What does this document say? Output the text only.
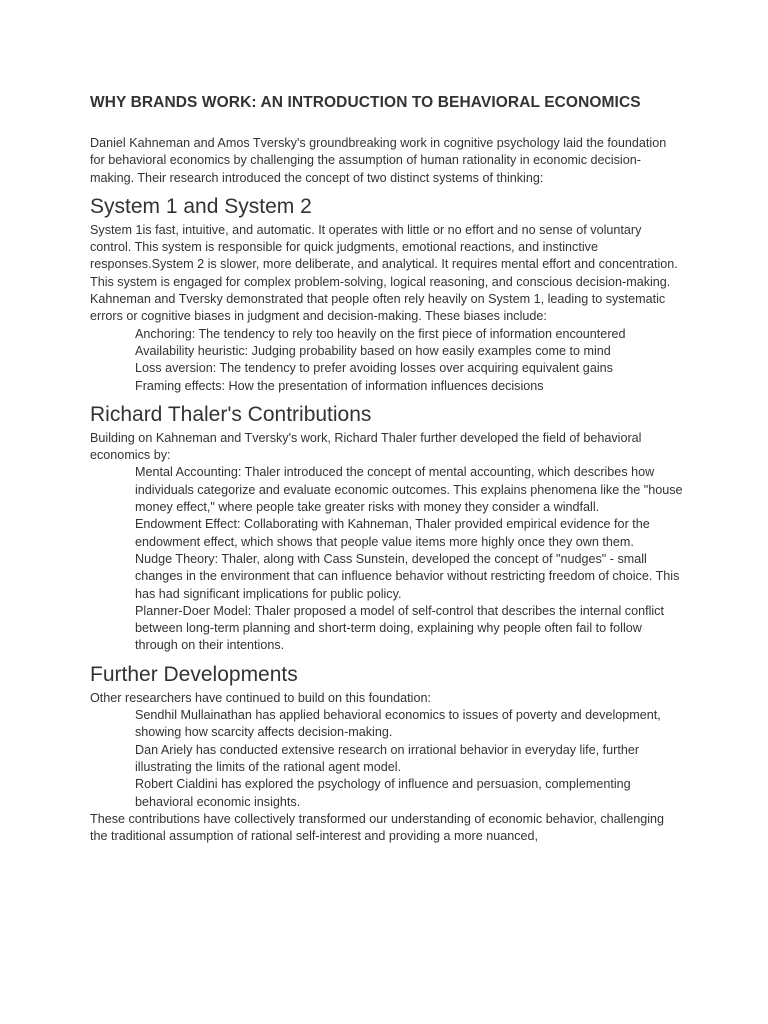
WHY BRANDS WORK: AN INTRODUCTION TO BEHAVIORAL ECONOMICS

Daniel Kahneman and Amos Tversky's groundbreaking work in cognitive psychology laid the foundation for behavioral economics by challenging the assumption of human rationality in economic decision-making. Their research introduced the concept of two distinct systems of thinking:

System 1 and System 2

System 1is fast, intuitive, and automatic. It operates with little or no effort and no sense of voluntary control. This system is responsible for quick judgments, emotional reactions, and instinctive responses.System 2 is slower, more deliberate, and analytical. It requires mental effort and concentration. This system is engaged for complex problem-solving, logical reasoning, and conscious decision-making. Kahneman and Tversky demonstrated that people often rely heavily on System 1, leading to systematic errors or cognitive biases in judgment and decision-making. These biases include:

Anchoring: The tendency to rely too heavily on the first piece of information encountered
Availability heuristic: Judging probability based on how easily examples come to mind
Loss aversion: The tendency to prefer avoiding losses over acquiring equivalent gains
Framing effects: How the presentation of information influences decisions
Richard Thaler's Contributions

Building on Kahneman and Tversky's work, Richard Thaler further developed the field of behavioral economics by:

Mental Accounting: Thaler introduced the concept of mental accounting, which describes how individuals categorize and evaluate economic outcomes. This explains phenomena like the "house money effect," where people take greater risks with money they consider a windfall.
Endowment Effect: Collaborating with Kahneman, Thaler provided empirical evidence for the endowment effect, which shows that people value items more highly once they own them.
Nudge Theory: Thaler, along with Cass Sunstein, developed the concept of "nudges" - small changes in the environment that can influence behavior without restricting freedom of choice. This has had significant implications for public policy.
Planner-Doer Model: Thaler proposed a model of self-control that describes the internal conflict between long-term planning and short-term doing, explaining why people often fail to follow through on their intentions.
Further Developments

Other researchers have continued to build on this foundation:

Sendhil Mullainathan has applied behavioral economics to issues of poverty and development, showing how scarcity affects decision-making.
Dan Ariely has conducted extensive research on irrational behavior in everyday life, further illustrating the limits of the rational agent model.
Robert Cialdini has explored the psychology of influence and persuasion, complementing behavioral economic insights.

These contributions have collectively transformed our understanding of economic behavior, challenging the traditional assumption of rational self-interest and providing a more nuanced,
